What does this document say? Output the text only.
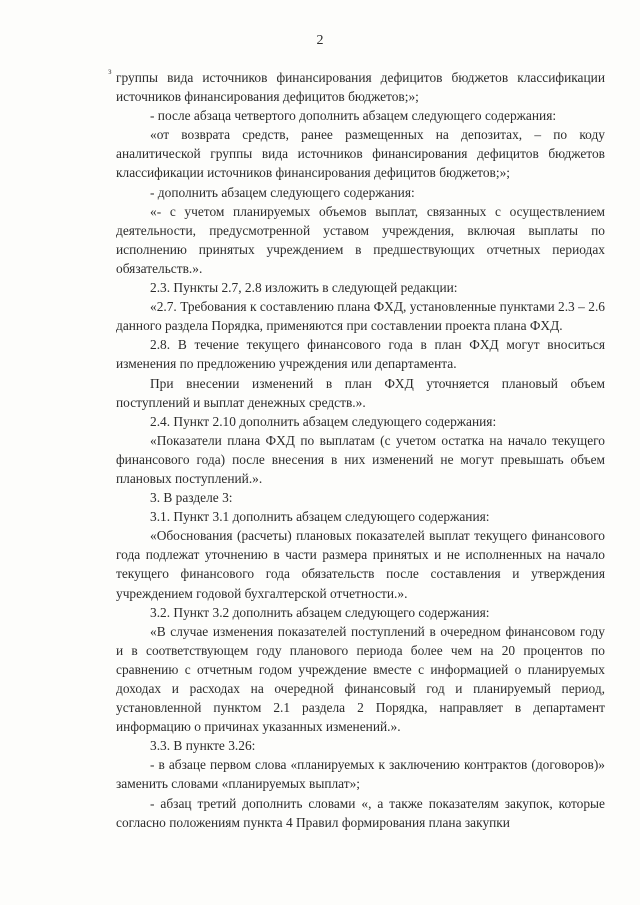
2
з группы вида источников финансирования дефицитов бюджетов классификации источников финансирования дефицитов бюджетов;»;

- после абзаца четвертого дополнить абзацем следующего содержания:

«от возврата средств, ранее размещенных на депозитах, – по коду аналитической группы вида источников финансирования дефицитов бюджетов классификации источников финансирования дефицитов бюджетов;»;

- дополнить абзацем следующего содержания:

«- с учетом планируемых объемов выплат, связанных с осуществлением деятельности, предусмотренной уставом учреждения, включая выплаты по исполнению принятых учреждением в предшествующих отчетных периодах обязательств.».

2.3. Пункты 2.7, 2.8 изложить в следующей редакции:

«2.7. Требования к составлению плана ФХД, установленные пунктами 2.3 – 2.6 данного раздела Порядка, применяются при составлении проекта плана ФХД.

2.8. В течение текущего финансового года в план ФХД могут вноситься изменения по предложению учреждения или департамента.

При внесении изменений в план ФХД уточняется плановый объем поступлений и выплат денежных средств.».

2.4. Пункт 2.10 дополнить абзацем следующего содержания:

«Показатели плана ФХД по выплатам (с учетом остатка на начало текущего финансового года) после внесения в них изменений не могут превышать объем плановых поступлений.».

3. В разделе 3:

3.1. Пункт 3.1 дополнить абзацем следующего содержания:

«Обоснования (расчеты) плановых показателей выплат текущего финансового года подлежат уточнению в части размера принятых и не исполненных на начало текущего финансового года обязательств после составления и утверждения учреждением годовой бухгалтерской отчетности.».

3.2. Пункт 3.2 дополнить абзацем следующего содержания:

«В случае изменения показателей поступлений в очередном финансовом году и в соответствующем году планового периода более чем на 20 процентов по сравнению с отчетным годом учреждение вместе с информацией о планируемых доходах и расходах на очередной финансовый год и планируемый период, установленной пунктом 2.1 раздела 2 Порядка, направляет в департамент информацию о причинах указанных изменений.».

3.3. В пункте 3.26:

- в абзаце первом слова «планируемых к заключению контрактов (договоров)» заменить словами «планируемых выплат»;

- абзац третий дополнить словами «, а также показателям закупок, которые согласно положениям пункта 4 Правил формирования плана закупки
